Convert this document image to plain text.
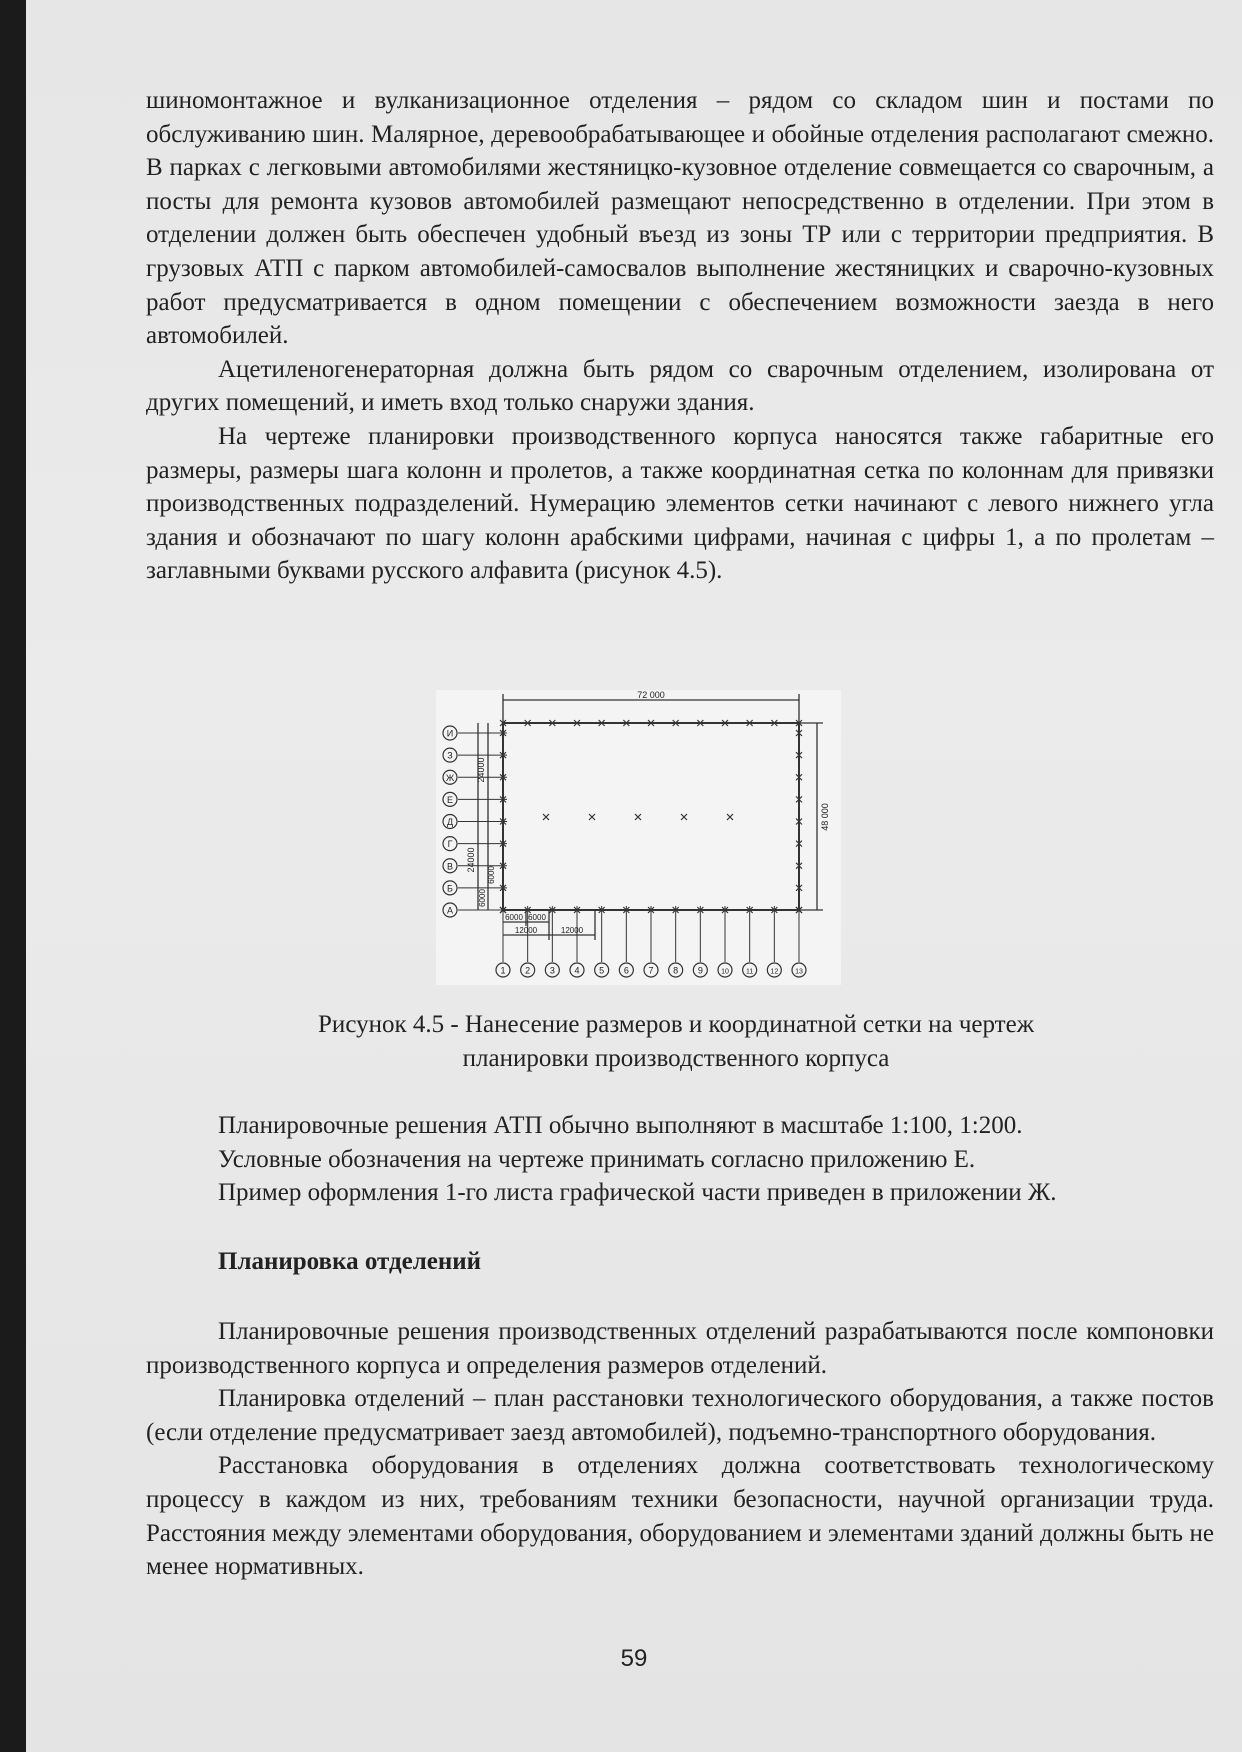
шиномонтажное и вулканизационное отделения – рядом со складом шин и постами по обслуживанию шин. Малярное, деревообрабатывающее и обойные отделения располагают смежно. В парках с легковыми автомобилями жестяницко-кузовное отделение совмещается со сварочным, а посты для ремонта кузовов автомобилей размещают непосредственно в отделении. При этом в отделении должен быть обеспечен удобный въезд из зоны ТР или с территории предприятия. В грузовых АТП с парком автомобилей-самосвалов выполнение жестяницких и сварочно-кузовных работ предусматривается в одном помещении с обеспечением возможности заезда в него автомобилей.

Ацетиленогенераторная должна быть рядом со сварочным отделением, изолирована от других помещений, и иметь вход только снаружи здания.

На чертеже планировки производственного корпуса наносятся также габаритные его размеры, размеры шага колонн и пролетов, а также координатная сетка по колоннам для привязки производственных подразделений. Нумерацию элементов сетки начинают с левого нижнего угла здания и обозначают по шагу колонн арабскими цифрами, начиная с цифры 1, а по пролетам – заглавными буквами русского алфавита (рисунок 4.5).

И
З
Ж
Е
Д
Г
В
Б
А
1 2 3 4 5 6 7 8 9	10 11 12 13
72 000
48 000
24000
24000
6000
6000
6000 6000
12000	12000
Рисунок 4.5 - Нанесение размеров и координатной сетки на чертеж
планировки производственного корпуса

Планировочные решения АТП обычно выполняют в масштабе 1:100, 1:200.

Условные обозначения на чертеже принимать согласно приложению Е.

Пример оформления 1-го листа графической части приведен в приложении Ж.

Планировка отделений

Планировочные решения производственных отделений разрабатываются после компоновки производственного корпуса и определения размеров отделений.

Планировка отделений – план расстановки технологического оборудования, а также постов (если отделение предусматривает заезд автомобилей), подъемно-транспортного оборудования.

Расстановка оборудования в отделениях должна соответствовать технологическому процессу в каждом из них, требованиям техники безопасности, научной организации труда. Расстояния между элементами оборудования, оборудованием и элементами зданий должны быть не менее нормативных.

59
